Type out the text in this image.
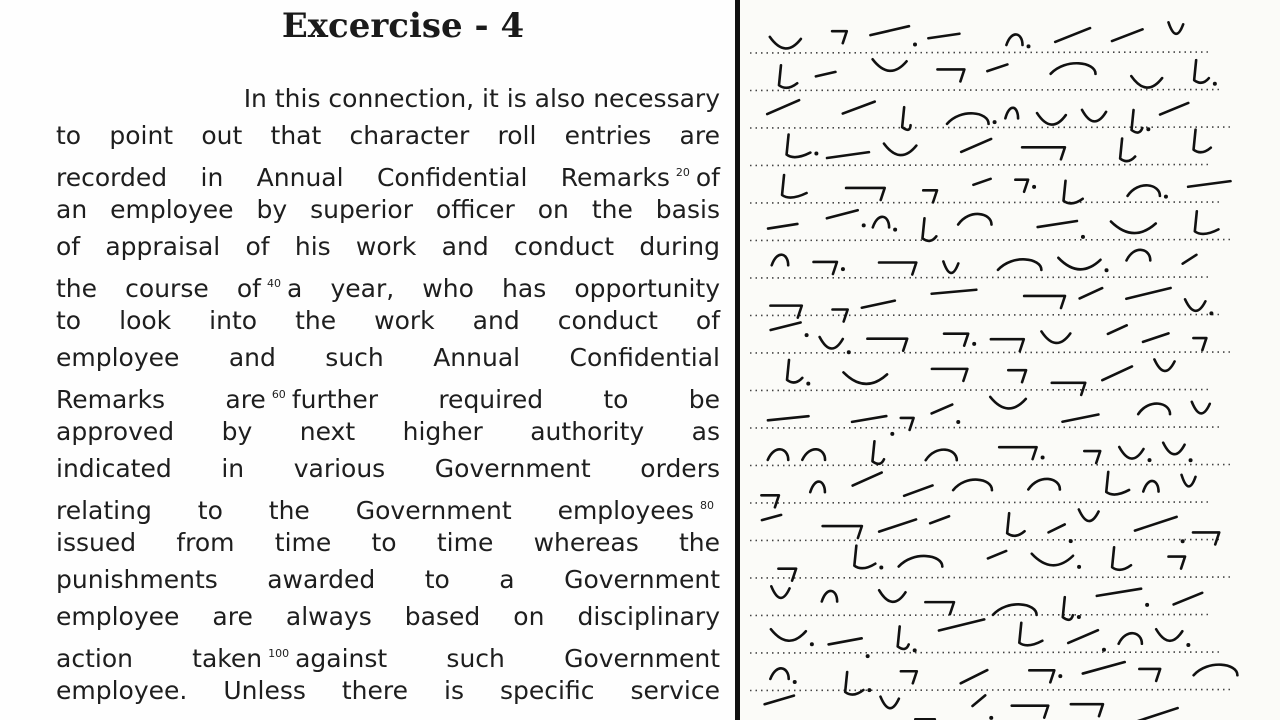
Excercise - 4
In this connection, it is also necessary
to point out that character roll entries are
recorded in Annual Confidential Remarks $^{20}$ of
an employee by superior officer on the basis
of appraisal of his work and conduct during
the course of $^{40}$ a year, who has opportunity
to look into the work and conduct of
employee and such Annual Confidential
Remarks are $^{60}$ further required to be
approved by next higher authority as
indicated in various Government orders
relating to the Government employees $^{80}$
issued from time to time whereas the
punishments awarded to a Government
employee are always based on disciplinary
action taken $^{100}$ against such Government
employee. Unless there is specific service
